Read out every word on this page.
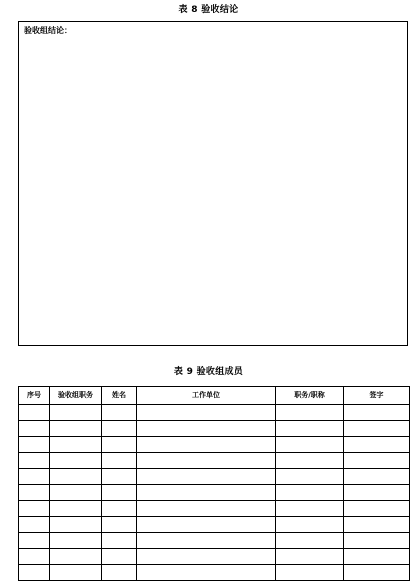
表 8 验收结论
验收组结论：
表 9 验收组成员
序号	验收组职务	姓名	工作单位	职务/职称	签字
